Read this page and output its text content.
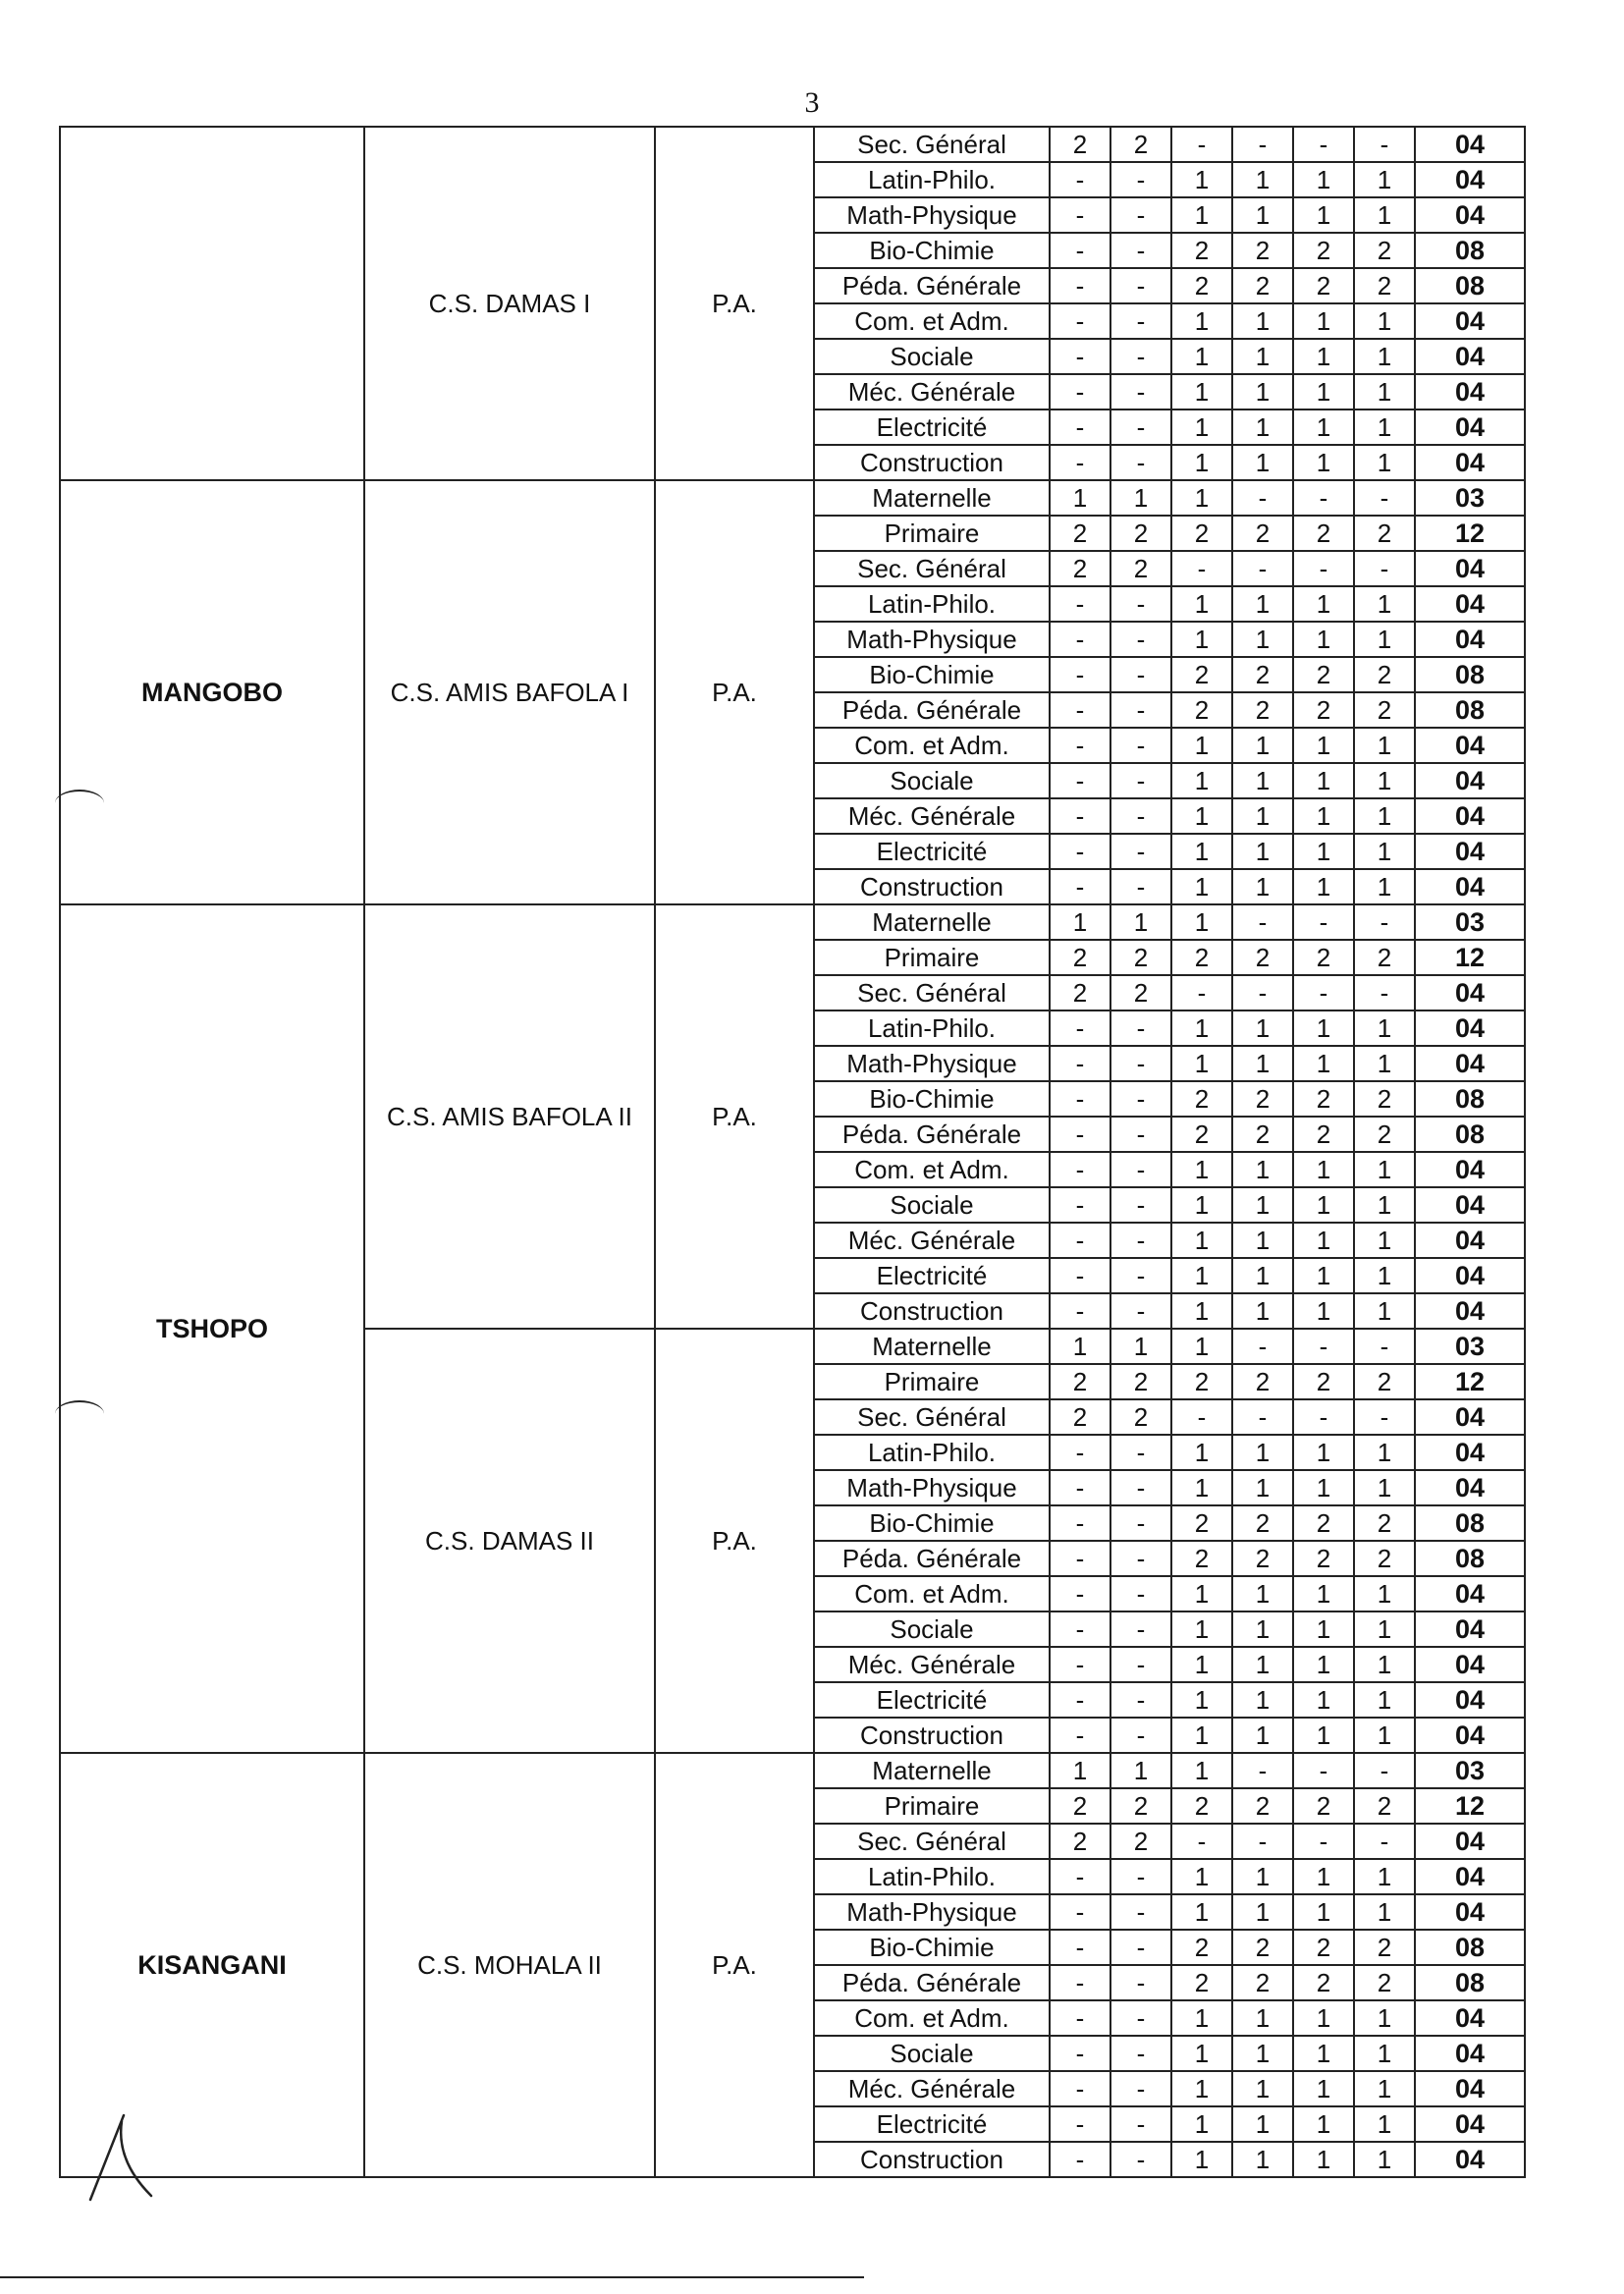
3
	C.S. DAMAS I	P.A.	Sec. Général	2	2	-	-	-	-	04
			Latin-Philo.	-	-	1	1	1	1	04
			Math-Physique	-	-	1	1	1	1	04
			Bio-Chimie	-	-	2	2	2	2	08
			Péda. Générale	-	-	2	2	2	2	08
			Com. et Adm.	-	-	1	1	1	1	04
			Sociale	-	-	1	1	1	1	04
			Méc. Générale	-	-	1	1	1	1	04
			Electricité	-	-	1	1	1	1	04
			Construction	-	-	1	1	1	1	04
MANGOBO	C.S. AMIS BAFOLA I	P.A.	Maternelle	1	1	1	-	-	-	03
			Primaire	2	2	2	2	2	2	12
			Sec. Général	2	2	-	-	-	-	04
			Latin-Philo.	-	-	1	1	1	1	04
			Math-Physique	-	-	1	1	1	1	04
			Bio-Chimie	-	-	2	2	2	2	08
			Péda. Générale	-	-	2	2	2	2	08
			Com. et Adm.	-	-	1	1	1	1	04
			Sociale	-	-	1	1	1	1	04
			Méc. Générale	-	-	1	1	1	1	04
			Electricité	-	-	1	1	1	1	04
			Construction	-	-	1	1	1	1	04
TSHOPO	C.S. AMIS BAFOLA II	P.A.	Maternelle	1	1	1	-	-	-	03
			Primaire	2	2	2	2	2	2	12
			Sec. Général	2	2	-	-	-	-	04
			Latin-Philo.	-	-	1	1	1	1	04
			Math-Physique	-	-	1	1	1	1	04
			Bio-Chimie	-	-	2	2	2	2	08
			Péda. Générale	-	-	2	2	2	2	08
			Com. et Adm.	-	-	1	1	1	1	04
			Sociale	-	-	1	1	1	1	04
			Méc. Générale	-	-	1	1	1	1	04
			Electricité	-	-	1	1	1	1	04
			Construction	-	-	1	1	1	1	04
	C.S. DAMAS II	P.A.	Maternelle	1	1	1	-	-	-	03
			Primaire	2	2	2	2	2	2	12
			Sec. Général	2	2	-	-	-	-	04
			Latin-Philo.	-	-	1	1	1	1	04
			Math-Physique	-	-	1	1	1	1	04
			Bio-Chimie	-	-	2	2	2	2	08
			Péda. Générale	-	-	2	2	2	2	08
			Com. et Adm.	-	-	1	1	1	1	04
			Sociale	-	-	1	1	1	1	04
			Méc. Générale	-	-	1	1	1	1	04
			Electricité	-	-	1	1	1	1	04
			Construction	-	-	1	1	1	1	04
KISANGANI	C.S. MOHALA II	P.A.	Maternelle	1	1	1	-	-	-	03
			Primaire	2	2	2	2	2	2	12
			Sec. Général	2	2	-	-	-	-	04
			Latin-Philo.	-	-	1	1	1	1	04
			Math-Physique	-	-	1	1	1	1	04
			Bio-Chimie	-	-	2	2	2	2	08
			Péda. Générale	-	-	2	2	2	2	08
			Com. et Adm.	-	-	1	1	1	1	04
			Sociale	-	-	1	1	1	1	04
			Méc. Générale	-	-	1	1	1	1	04
			Electricité	-	-	1	1	1	1	04
			Construction	-	-	1	1	1	1	04
